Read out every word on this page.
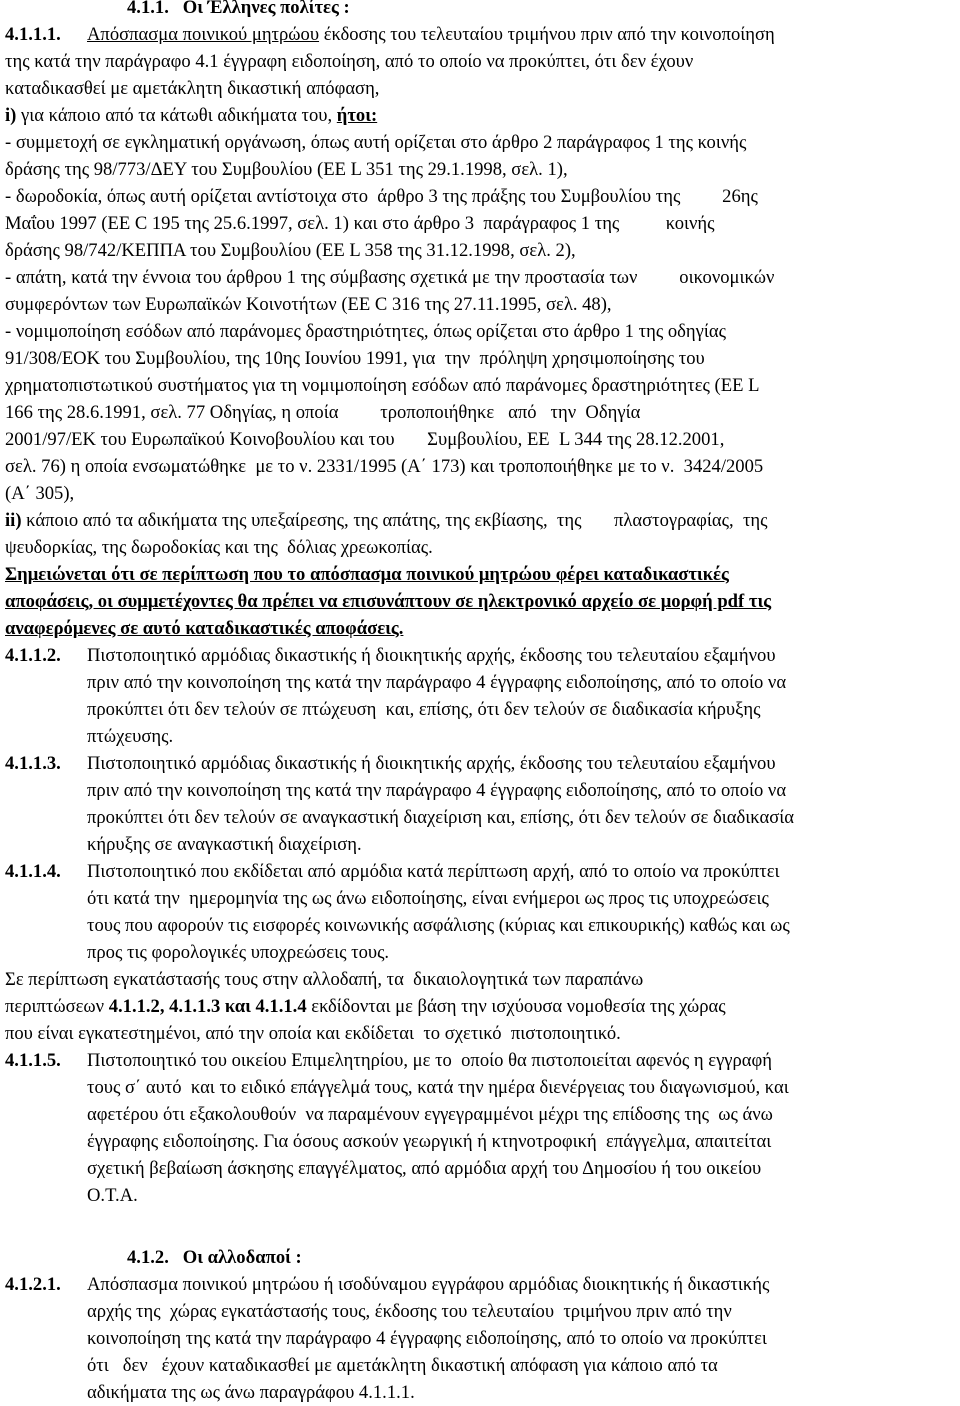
4.1.1.   Οι Έλληνες πολίτες :
4.1.1.1. Απόσπασμα ποινικού μητρώου έκδοσης του τελευταίου τριμήνου πριν από την κοινοποίηση
της κατά την παράγραφο 4.1 έγγραφη ειδοποίηση, από το οποίο να προκύπτει, ότι δεν έχουν
καταδικασθεί με αμετάκλητη δικαστική απόφαση,
i) για κάποιο από τα κάτωθι αδικήματα του, ήτοι:
- συμμετοχή σε εγκληματική οργάνωση, όπως αυτή ορίζεται στο άρθρο 2 παράγραφος 1 της κοινής
δράσης της 98/773/ΔΕΥ του Συμβουλίου (ΕΕ L 351 της 29.1.1998, σελ. 1),
- δωροδοκία, όπως αυτή ορίζεται αντίστοιχα στο  άρθρο 3 της πράξης του Συμβουλίου της         26ης
Μαΐου 1997 (ΕΕ C 195 της 25.6.1997, σελ. 1) και στο άρθρο 3  παράγραφος 1 της          κοινής
δράσης 98/742/ΚΕΠΠΑ του Συμβουλίου (ΕΕ L 358 της 31.12.1998, σελ. 2),
- απάτη, κατά την έννοια του άρθρου 1 της σύμβασης σχετικά με την προστασία των         οικονομικών
συμφερόντων των Ευρωπαϊκών Κοινοτήτων (ΕΕ C 316 της 27.11.1995, σελ. 48),
- νομιμοποίηση εσόδων από παράνομες δραστηριότητες, όπως ορίζεται στο άρθρο 1 της οδηγίας
91/308/ΕΟΚ του Συμβουλίου, της 10ης Ιουνίου 1991, για  την  πρόληψη χρησιμοποίησης του
χρηματοπιστωτικού συστήματος για τη νομιμοποίηση εσόδων από παράνομες δραστηριότητες (ΕΕ L
166 της 28.6.1991, σελ. 77 Οδηγίας, η οποία         τροποποιήθηκε   από   την  Οδηγία
2001/97/ΕΚ του Ευρωπαϊκού Κοινοβουλίου και του       Συμβουλίου, ΕΕ  L 344 της 28.12.2001,
σελ. 76) η οποία ενσωματώθηκε  με το ν. 2331/1995 (Α΄ 173) και τροποποιήθηκε με το ν.  3424/2005
(Α΄ 305),
ii) κάποιο από τα αδικήματα της υπεξαίρεσης, της απάτης, της εκβίασης,  της       πλαστογραφίας,  της
ψευδορκίας, της δωροδοκίας και της  δόλιας χρεωκοπίας.
Σημειώνεται ότι σε περίπτωση που το απόσπασμα ποινικού μητρώου φέρει καταδικαστικές
αποφάσεις, οι συμμετέχοντες θα πρέπει να επισυνάπτουν σε ηλεκτρονικό αρχείο σε μορφή pdf τις
αναφερόμενες σε αυτό καταδικαστικές αποφάσεις.
4.1.1.2. Πιστοποιητικό αρμόδιας δικαστικής ή διοικητικής αρχής, έκδοσης του τελευταίου εξαμήνου
πριν από την κοινοποίηση της κατά την παράγραφο 4 έγγραφης ειδοποίησης, από το οποίο να
προκύπτει ότι δεν τελούν σε πτώχευση  και, επίσης, ότι δεν τελούν σε διαδικασία κήρυξης
πτώχευσης.
4.1.1.3. Πιστοποιητικό αρμόδιας δικαστικής ή διοικητικής αρχής, έκδοσης του τελευταίου εξαμήνου
πριν από την κοινοποίηση της κατά την παράγραφο 4 έγγραφης ειδοποίησης, από το οποίο να
προκύπτει ότι δεν τελούν σε αναγκαστική διαχείριση και, επίσης, ότι δεν τελούν σε διαδικασία
κήρυξης σε αναγκαστική διαχείριση.
4.1.1.4. Πιστοποιητικό που εκδίδεται από αρμόδια κατά περίπτωση αρχή, από το οποίο να προκύπτει
ότι κατά την  ημερομηνία της ως άνω ειδοποίησης, είναι ενήμεροι ως προς τις υποχρεώσεις
τους που αφορούν τις εισφορές κοινωνικής ασφάλισης (κύριας και επικουρικής) καθώς και ως
προς τις φορολογικές υποχρεώσεις τους.
Σε περίπτωση εγκατάστασής τους στην αλλοδαπή, τα  δικαιολογητικά των παραπάνω
περιπτώσεων 4.1.1.2, 4.1.1.3 και 4.1.1.4 εκδίδονται με βάση την ισχύουσα νομοθεσία της χώρας
που είναι εγκατεστημένοι, από την οποία και εκδίδεται  το σχετικό  πιστοποιητικό.
4.1.1.5. Πιστοποιητικό του οικείου Επιμελητηρίου, με το  οποίο θα πιστοποιείται αφενός η εγγραφή
τους σ΄ αυτό  και το ειδικό επάγγελμά τους, κατά την ημέρα διενέργειας του διαγωνισμού, και
αφετέρου ότι εξακολουθούν  να παραμένουν εγγεγραμμένοι μέχρι της επίδοσης της  ως άνω
έγγραφης ειδοποίησης. Για όσους ασκούν γεωργική ή κτηνοτροφική  επάγγελμα, απαιτείται
σχετική βεβαίωση άσκησης επαγγέλματος, από αρμόδια αρχή του Δημοσίου ή του οικείου
Ο.Τ.Α.
4.1.2.   Οι αλλοδαποί :
4.1.2.1. Απόσπασμα ποινικού μητρώου ή ισοδύναμου εγγράφου αρμόδιας διοικητικής ή δικαστικής
αρχής της  χώρας εγκατάστασής τους, έκδοσης του τελευταίου  τριμήνου πριν από την
κοινοποίηση της κατά την παράγραφο 4 έγγραφης ειδοποίησης, από το οποίο να προκύπτει
ότι   δεν   έχουν καταδικασθεί με αμετάκλητη δικαστική απόφαση για κάποιο από τα
αδικήματα της ως άνω παραγράφου 4.1.1.1.
